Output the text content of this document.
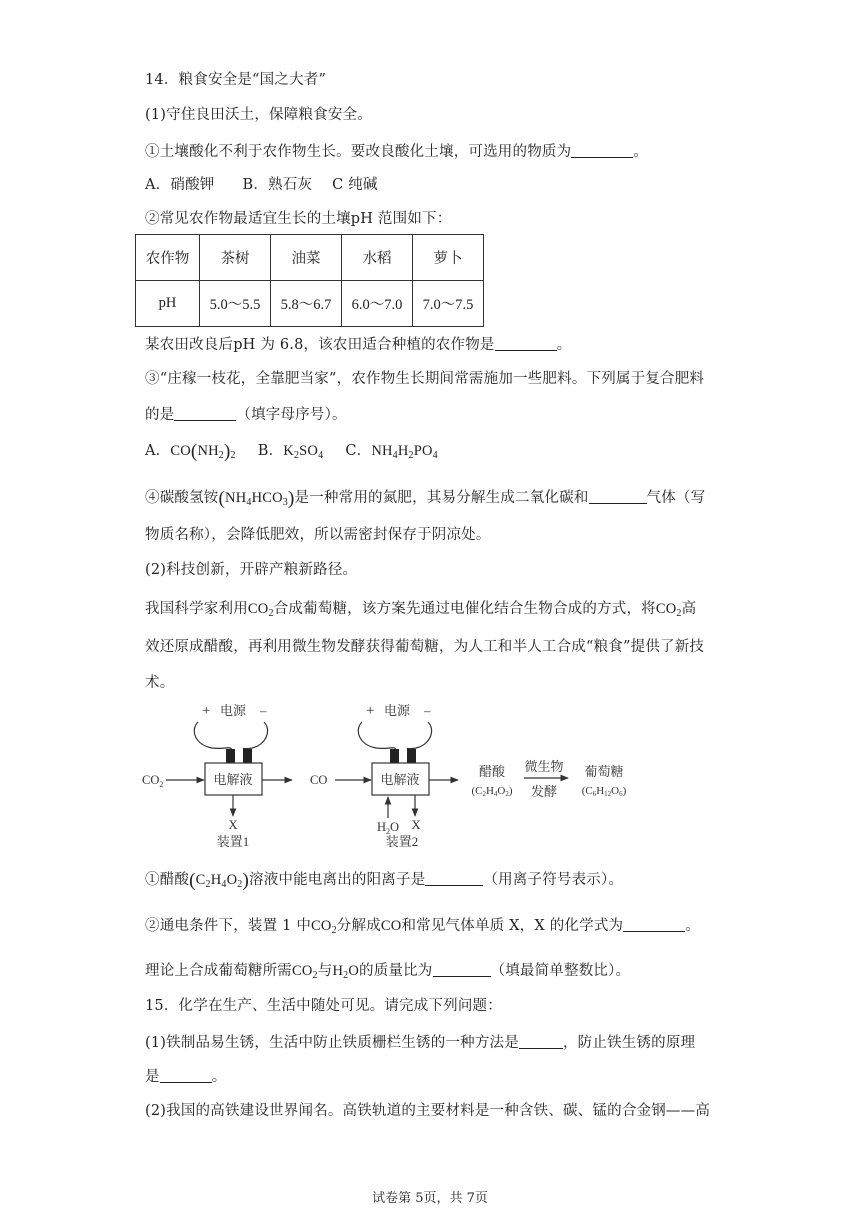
14．粮食安全是“国之大者”
(1)守住良田沃土，保障粮食安全。
①土壤酸化不利于农作物生长。要改良酸化土壤，可选用的物质为	。
A．硝酸钾 B．熟石灰 C 纯碱
②常见农作物最适宜生长的土壤pH 范围如下：
农作物	茶树	油菜	水稻	萝卜
pH	5.0～5.5	5.8～6.7	6.0～7.0	7.0～7.5
某农田改良后pH 为 6.8，该农田适合种植的农作物是	。
③“庄稼一枝花，全靠肥当家”，农作物生长期间常需施加一些肥料。下列属于复合肥料
的是	（填字母序号）。
A．$CO(NH_2)_2$ B．$K_2SO_4$ C．$NH_4H_2PO_4$
④碳酸氢铵$(NH_4HCO_3)$是一种常用的氮肥，其易分解生成二氧化碳和	气体（写
物质名称），会降低肥效，所以需密封保存于阴凉处。
(2)科技创新，开辟产粮新路径。
我国科学家利用$CO_2$合成葡萄糖，该方案先通过电催化结合生物合成的方式，将$CO_2$高
效还原成醋酸，再利用微生物发酵获得葡萄糖，为人工和半人工合成“粮食”提供了新技
术。
+ 电源 –
电解液
$CO_2$
X
装置1
CO
+ 电源 –
电解液
$H_2O$ X
装置2
醋酸
(C2H4O2)
微生物
发酵
葡萄糖
(C6H12O6)
①醋酸$(C_2H_4O_2)$溶液中能电离出的阳离子是	（用离子符号表示）。
②通电条件下，装置 1 中$CO_2$分解成CO和常见气体单质 X，X 的化学式为	。
理论上合成葡萄糖所需$CO_2$与$H_2O$的质量比为	（填最简单整数比）。
15．化学在生产、生活中随处可见。请完成下列问题：
(1)铁制品易生锈，生活中防止铁质栅栏生锈的一种方法是	，防止铁生锈的原理
是	。
(2)我国的高铁建设世界闻名。高铁轨道的主要材料是一种含铁、碳、锰的合金钢——高
试卷第 5页，共 7页
